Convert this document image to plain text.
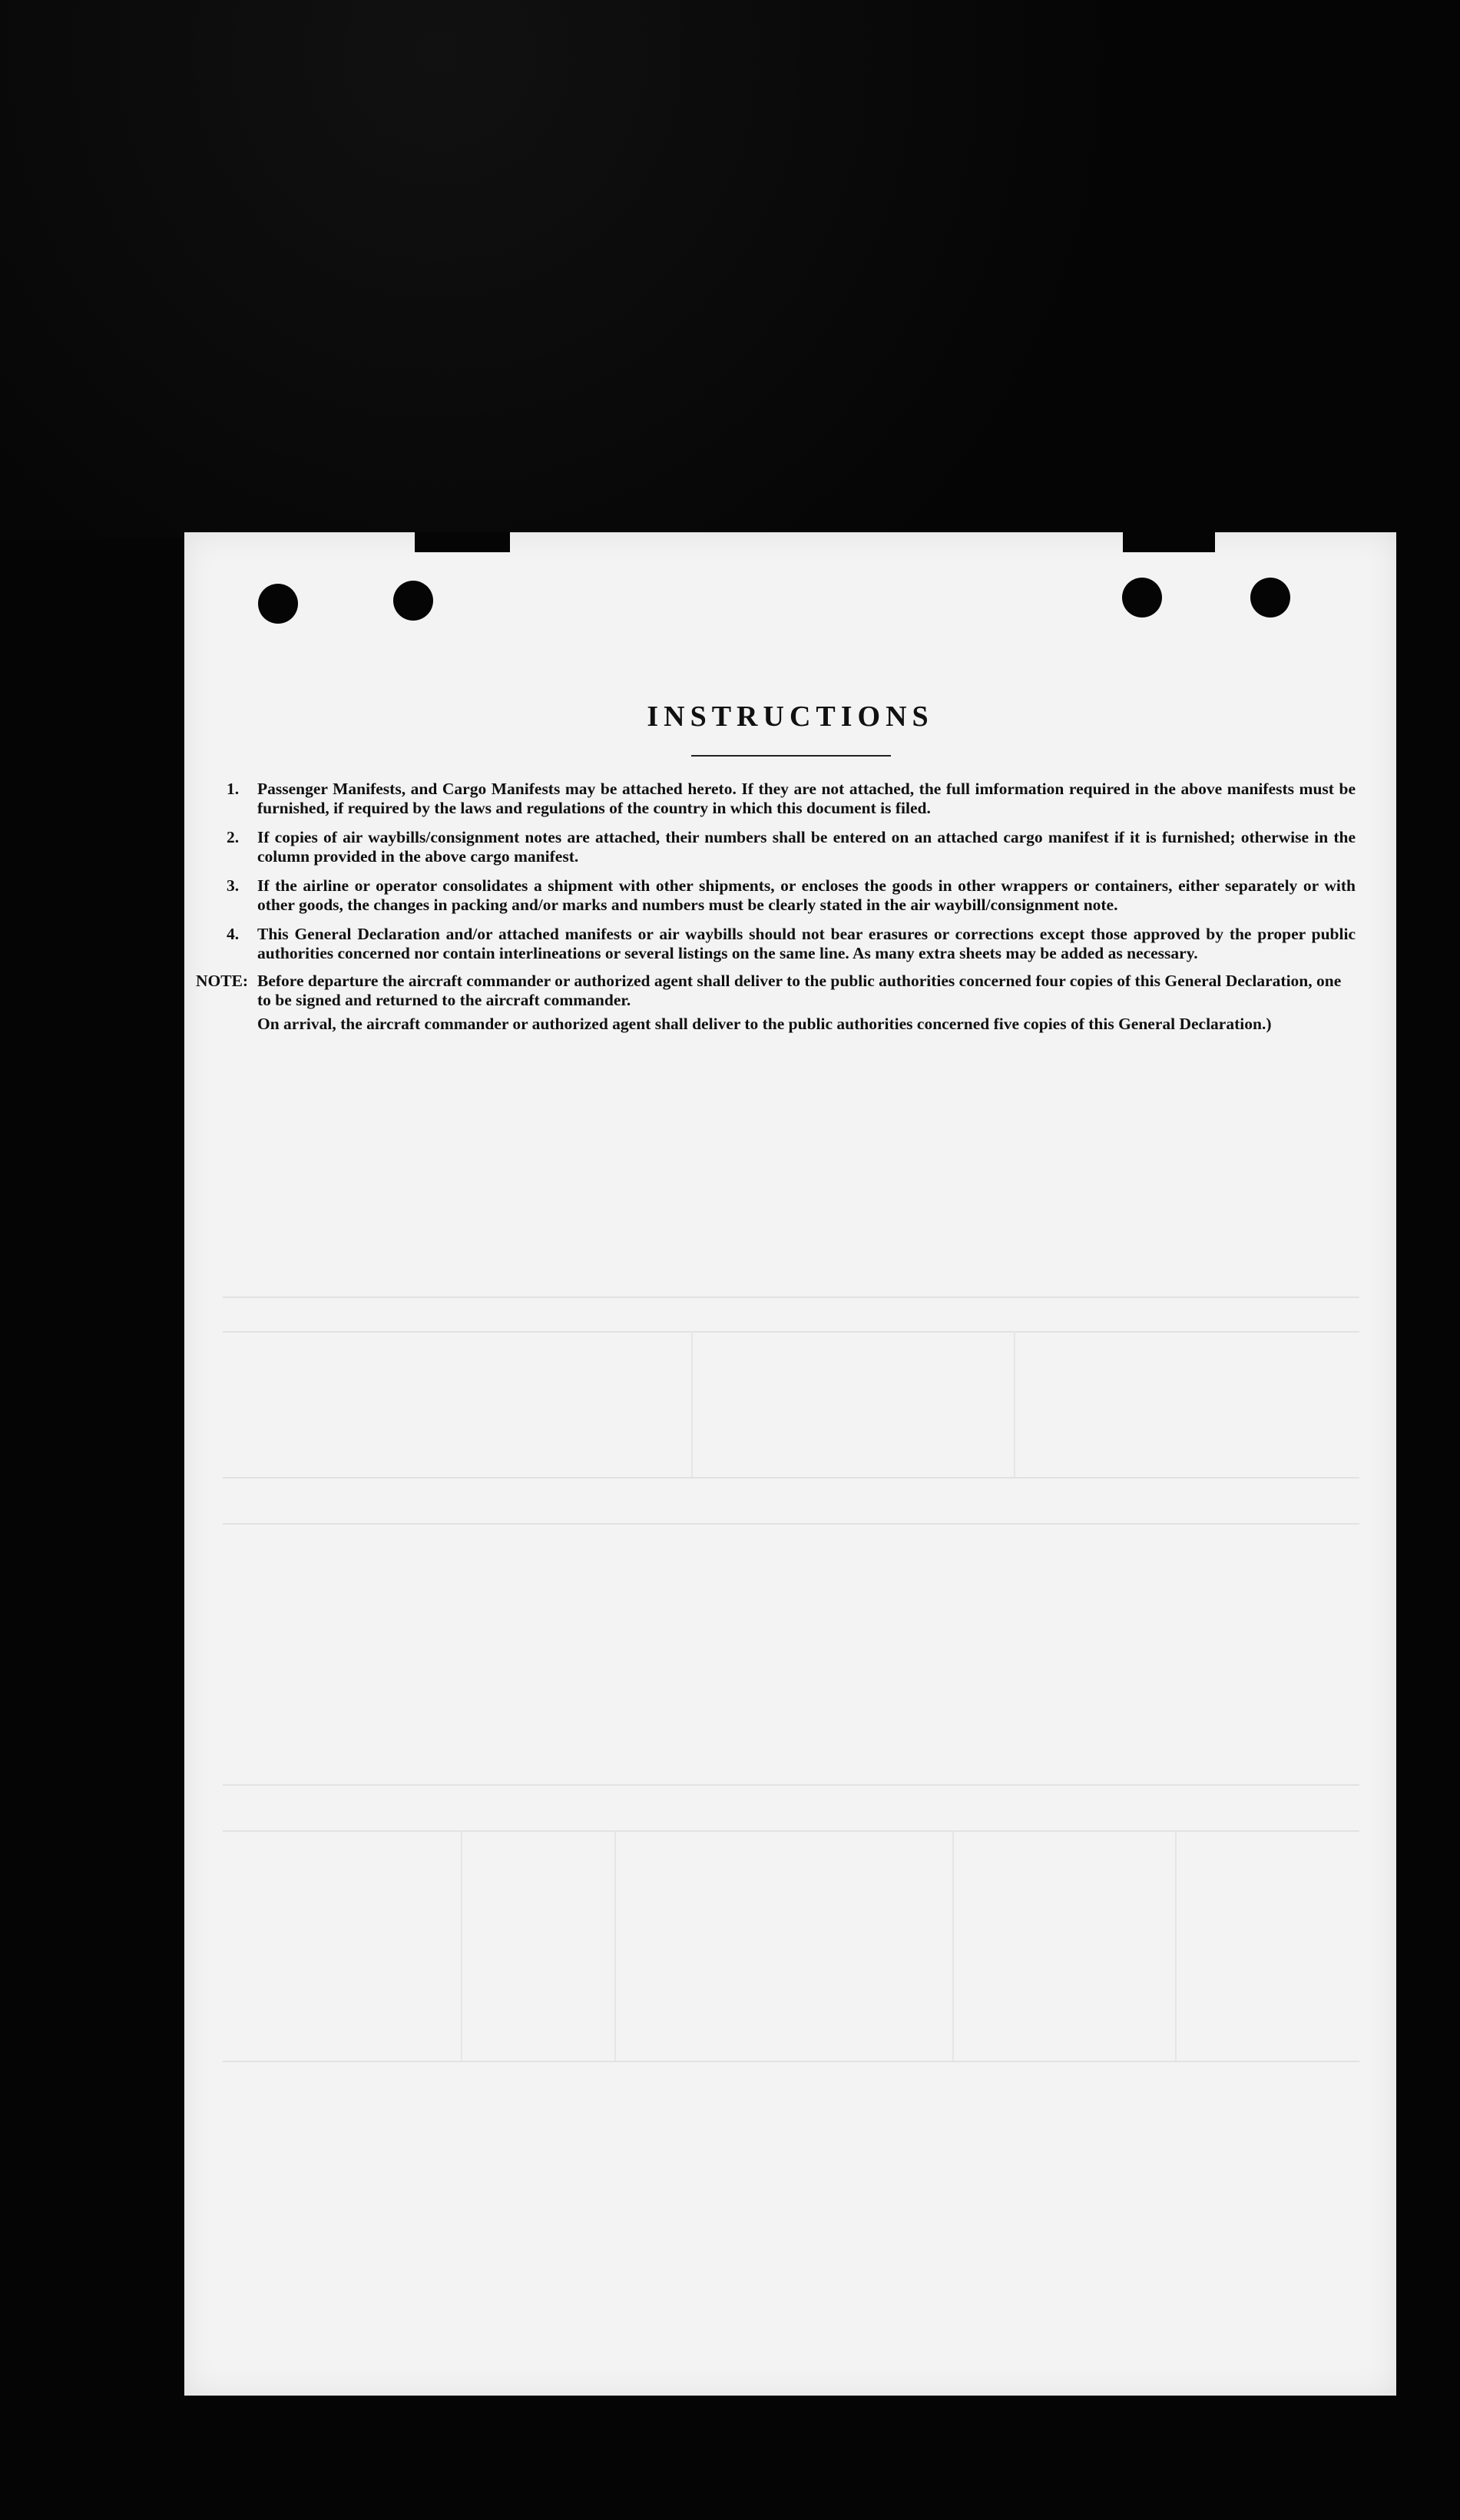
INSTRUCTIONS
1. Passenger Manifests, and Cargo Manifests may be attached hereto. If they are not attached, the full imformation required in the above manifests must be furnished, if required by the laws and regulations of the country in which this document is filed.
2. If copies of air waybills/consignment notes are attached, their numbers shall be entered on an attached cargo manifest if it is furnished; otherwise in the column provided in the above cargo manifest.
3. If the airline or operator consolidates a shipment with other shipments, or encloses the goods in other wrappers or containers, either separately or with other goods, the changes in packing and/or marks and numbers must be clearly stated in the air waybill/consignment note.
4. This General Declaration and/or attached manifests or air waybills should not bear erasures or corrections except those approved by the proper public authorities concerned nor contain interlineations or several listings on the same line. As many extra sheets may be added as necessary.
NOTE: Before departure the aircraft commander or authorized agent shall deliver to the public authorities concerned four copies of this General Declaration, one to be signed and returned to the aircraft commander.

On arrival, the aircraft commander or authorized agent shall deliver to the public authorities concerned five copies of this General Declaration.)
